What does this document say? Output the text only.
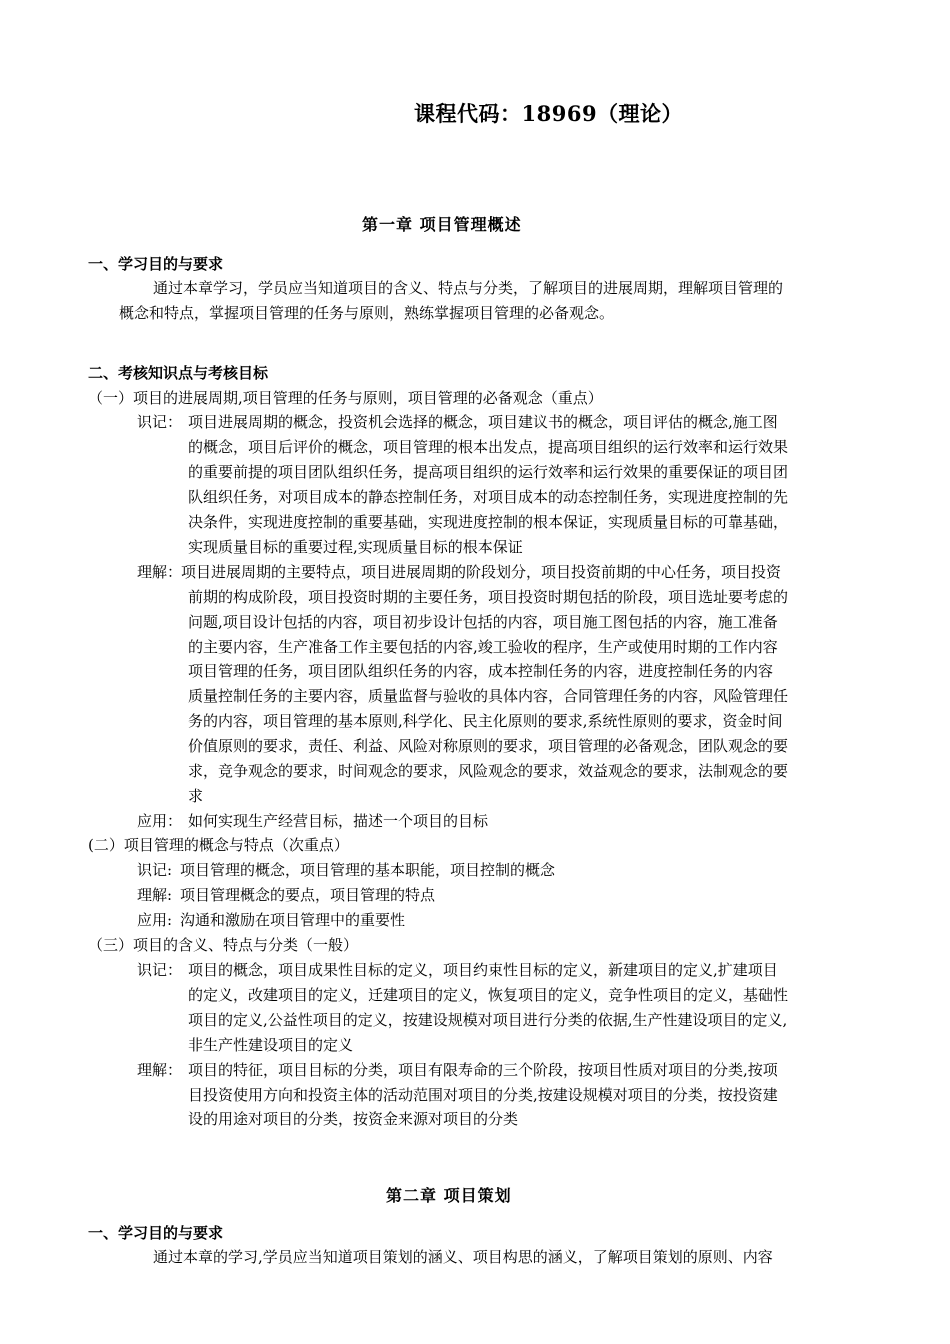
课程代码：18969（理论）
第一章 项目管理概述
一、学习目的与要求
通过本章学习，学员应当知道项目的含义、特点与分类，了解项目的进展周期，理解项目管理的
概念和特点，掌握项目管理的任务与原则，熟练掌握项目管理的必备观念。
二、考核知识点与考核目标
（一）项目的进展周期,项目管理的任务与原则，项目管理的必备观念（重点）
识记： 项目进展周期的概念，投资机会选择的概念，项目建议书的概念，项目评估的概念,施工图
的概念，项目后评价的概念，项目管理的根本出发点，提高项目组织的运行效率和运行效果
的重要前提的项目团队组织任务，提高项目组织的运行效率和运行效果的重要保证的项目团
队组织任务，对项目成本的静态控制任务，对项目成本的动态控制任务，实现进度控制的先
决条件，实现进度控制的重要基础，实现进度控制的根本保证，实现质量目标的可靠基础，
实现质量目标的重要过程,实现质量目标的根本保证
理解：
项目进展周期的主要特点，项目进展周期的阶段划分，项目投资前期的中心任务，项目投资
前期的构成阶段，项目投资时期的主要任务，项目投资时期包括的阶段，项目选址要考虑的
问题,项目设计包括的内容，项目初步设计包括的内容，项目施工图包括的内容，施工准备
的主要内容，生产准备工作主要包括的内容,竣工验收的程序，生产或使用时期的工作内容
项目管理的任务，项目团队组织任务的内容，成本控制任务的内容，进度控制任务的内容
质量控制任务的主要内容，质量监督与验收的具体内容，合同管理任务的内容，风险管理任
务的内容，项目管理的基本原则,科学化、民主化原则的要求,系统性原则的要求，资金时间
价值原则的要求，责任、利益、风险对称原则的要求，项目管理的必备观念，团队观念的要
求，竞争观念的要求，时间观念的要求，风险观念的要求，效益观念的要求，法制观念的要
求
应用： 如何实现生产经营目标，描述一个项目的目标
(二）项目管理的概念与特点（次重点）
识记: 项目管理的概念，项目管理的基本职能，项目控制的概念
理解: 项目管理概念的要点，项目管理的特点
应用: 沟通和激励在项目管理中的重要性
（三）项目的含义、特点与分类（一般）
识记： 项目的概念，项目成果性目标的定义，项目约束性目标的定义，新建项目的定义,扩建项目
的定义，改建项目的定义，迁建项目的定义，恢复项目的定义，竞争性项目的定义，基础性
项目的定义,公益性项目的定义，按建设规模对项目进行分类的依据,生产性建设项目的定义,
非生产性建设项目的定义
理解： 项目的特征，项目目标的分类，项目有限寿命的三个阶段，按项目性质对项目的分类,按项
目投资使用方向和投资主体的活动范围对项目的分类,按建设规模对项目的分类，按投资建
设的用途对项目的分类，按资金来源对项目的分类
第二章 项目策划
一、学习目的与要求
通过本章的学习,学员应当知道项目策划的涵义、项目构思的涵义，了解项目策划的原则、内容
